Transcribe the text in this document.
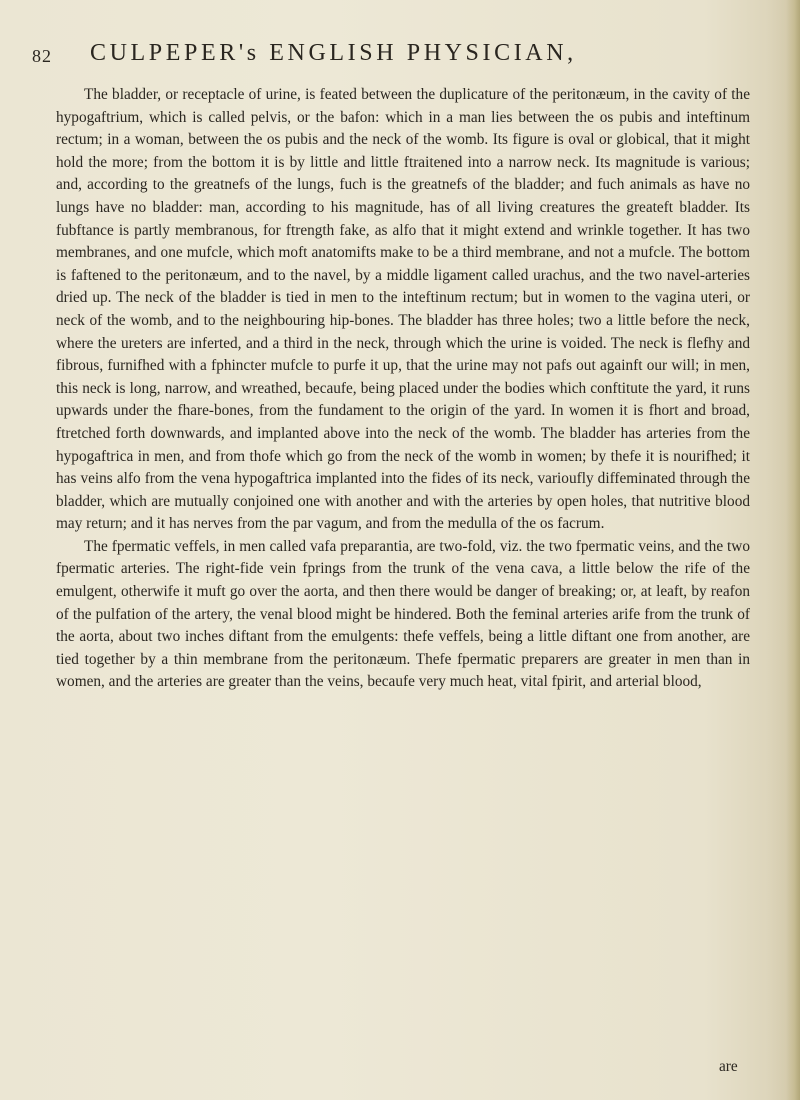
82 CULPEPER's ENGLISH PHYSICIAN,

The bladder, or receptacle of urine, is feated between the duplicature of the peritonæum, in the cavity of the hypogaftrium, which is called pelvis, or the bafon: which in a man lies between the os pubis and inteftinum rectum; in a woman, between the os pubis and the neck of the womb. Its figure is oval or globical, that it might hold the more; from the bottom it is by little and little ftraitened into a narrow neck. Its magnitude is various; and, according to the greatnefs of the lungs, fuch is the greatnefs of the bladder; and fuch animals as have no lungs have no bladder: man, according to his magnitude, has of all living creatures the greateft bladder. Its fubftance is partly membranous, for ftrength fake, as alfo that it might extend and wrinkle together. It has two membranes, and one mufcle, which moft anatomifts make to be a third membrane, and not a mufcle. The bottom is faftened to the peritonæum, and to the navel, by a middle ligament called urachus, and the two navel-arteries dried up. The neck of the bladder is tied in men to the inteftinum rectum; but in women to the vagina uteri, or neck of the womb, and to the neighbouring hip-bones. The bladder has three holes; two a little before the neck, where the ureters are inferted, and a third in the neck, through which the urine is voided. The neck is flefhy and fibrous, furnifhed with a fphincter mufcle to purfe it up, that the urine may not pafs out againft our will; in men, this neck is long, narrow, and wreathed, becaufe, being placed under the bodies which conftitute the yard, it runs upwards under the fhare-bones, from the fundament to the origin of the yard. In women it is fhort and broad, ftretched forth downwards, and implanted above into the neck of the womb. The bladder has arteries from the hypogaftrica in men, and from thofe which go from the neck of the womb in women; by thefe it is nourifhed; it has veins alfo from the vena hypogaftrica implanted into the fides of its neck, varioufly diffeminated through the bladder, which are mutually conjoined one with another and with the arteries by open holes, that nutritive blood may return; and it has nerves from the par vagum, and from the medulla of the os facrum.

The fpermatic veffels, in men called vafa preparantia, are two-fold, viz. the two fpermatic veins, and the two fpermatic arteries. The right-fide vein fprings from the trunk of the vena cava, a little below the rife of the emulgent, otherwife it muft go over the aorta, and then there would be danger of breaking; or, at leaft, by reafon of the pulfation of the artery, the venal blood might be hindered. Both the feminal arteries arife from the trunk of the aorta, about two inches diftant from the emulgents: thefe veffels, being a little diftant one from another, are tied together by a thin membrane from the peritonæum. Thefe fpermatic preparers are greater in men than in women, and the arteries are greater than the veins, becaufe very much heat, vital fpirit, and arterial blood,

are
